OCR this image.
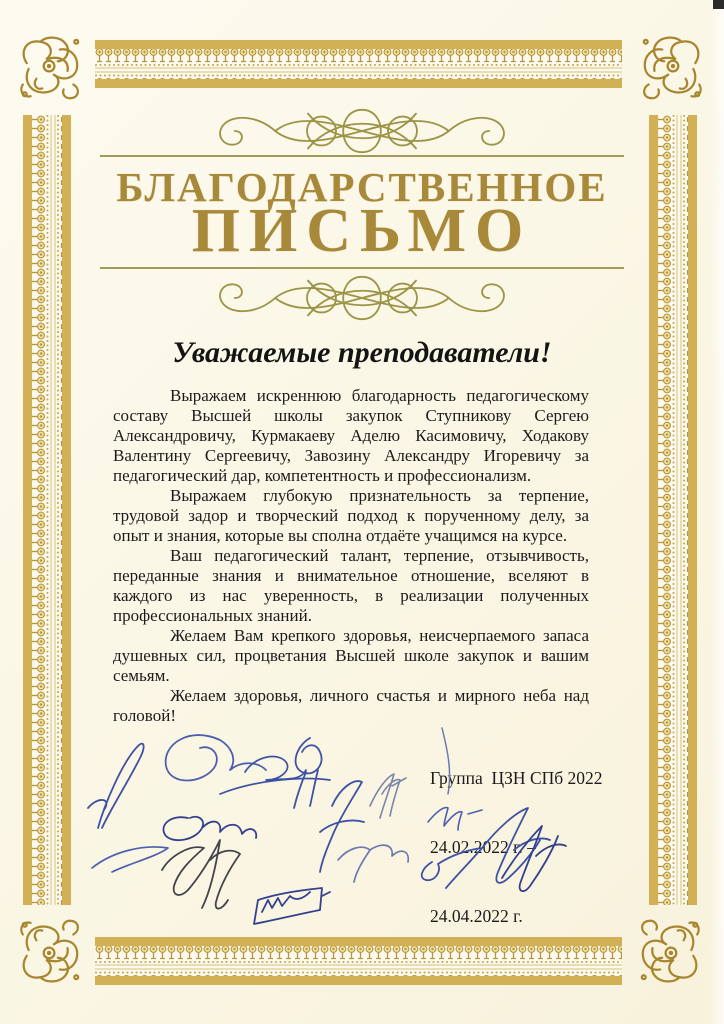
БЛАГОДАРСТВЕННОЕ
ПИСЬМО
Уважаемые преподаватели!

Выражаем искреннюю благодарность педагогическому составу Высшей школы закупок Ступникову Сергею Александровичу, Курмакаеву Аделю Касимовичу, Ходакову Валентину Сергеевичу, Завозину Александру Игоревичу за педагогический дар, компетентность и профессионализм.

Выражаем глубокую признательность за терпение, трудовой задор и творческий подход к порученному делу, за опыт и знания, которые вы сполна отдаёте учащимся на курсе.

Ваш педагогический талант, терпение, отзывчивость, переданные знания и внимательное отношение, вселяют в каждого из нас уверенность, в реализации полученных профессиональных знаний.

Желаем Вам крепкого здоровья, неисчерпаемого запаса душевных сил, процветания Высшей школе закупок и вашим семьям.

Желаем здоровья, личного счастья и мирного неба над головой!

Группа  ЦЗН СПб 2022

24.02.2022 г. –

24.04.2022 г.
